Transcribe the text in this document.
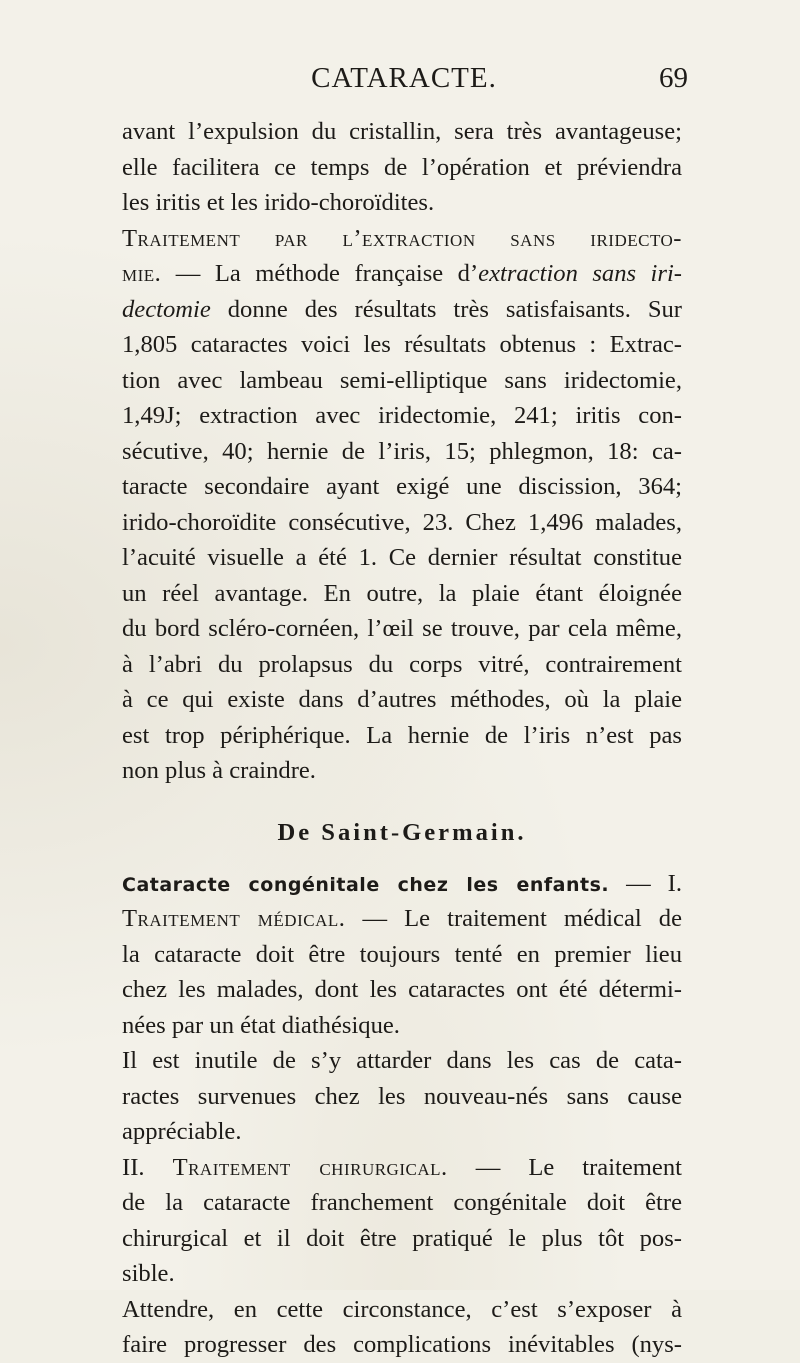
CATARACTE.	69
avant l’expulsion du cristallin, sera très avantageuse;
elle facilitera ce temps de l’opération et préviendra
les iritis et les irido-choroïdites.
Traitement par l’extraction sans iridecto-
mie. — La méthode française d’extraction sans iri-
dectomie donne des résultats très satisfaisants. Sur
1,805 cataractes voici les résultats obtenus : Extrac-
tion avec lambeau semi-elliptique sans iridectomie,
1,49J; extraction avec iridectomie, 241; iritis con-
sécutive, 40; hernie de l’iris, 15; phlegmon, 18: ca-
taracte secondaire ayant exigé une discission, 364;
irido-choroïdite consécutive, 23. Chez 1,496 malades,
l’acuité visuelle a été 1. Ce dernier résultat constitue
un réel avantage. En outre, la plaie étant éloignée
du bord scléro-cornéen, l’œil se trouve, par cela même,
à l’abri du prolapsus du corps vitré, contrairement
à ce qui existe dans d’autres méthodes, où la plaie
est trop périphérique. La hernie de l’iris n’est pas
non plus à craindre.
De Saint-Germain.
Cataracte congénitale chez les enfants. — I.
Traitement médical. — Le traitement médical de
la cataracte doit être toujours tenté en premier lieu
chez les malades, dont les cataractes ont été détermi-
nées par un état diathésique.
Il est inutile de s’y attarder dans les cas de cata-
ractes survenues chez les nouveau-nés sans cause
appréciable.
II. Traitement chirurgical. — Le traitement
de la cataracte franchement congénitale doit être
chirurgical et il doit être pratiqué le plus tôt pos-
sible.
Attendre, en cette circonstance, c’est s’exposer à
faire progresser des complications inévitables (nys-
